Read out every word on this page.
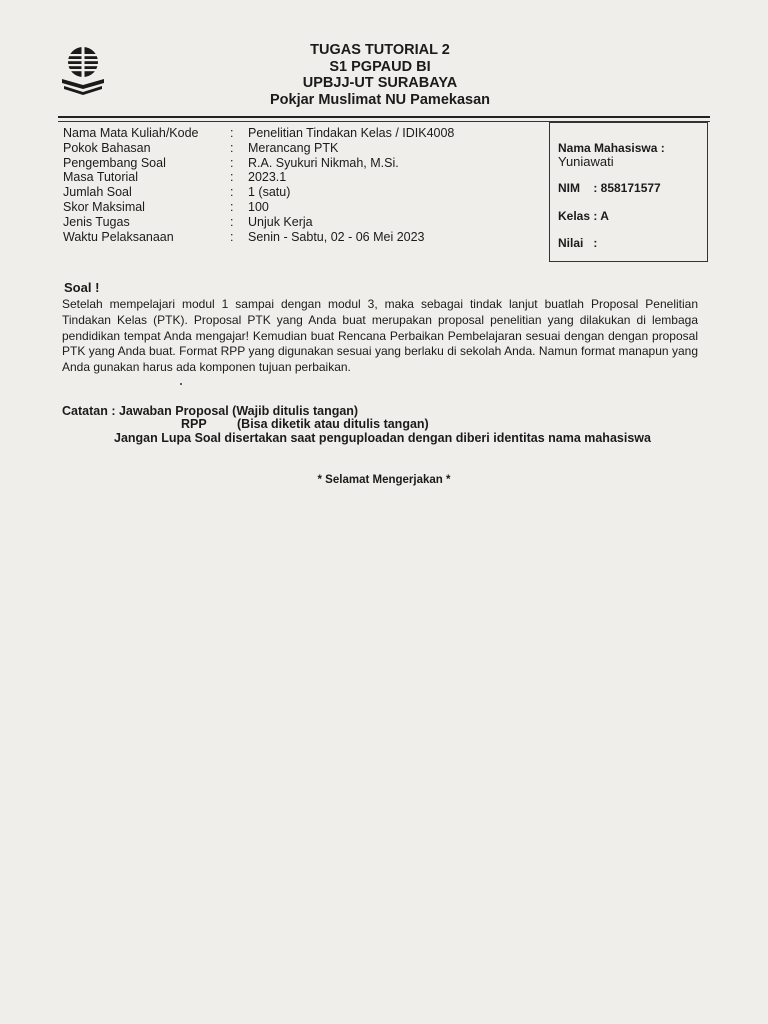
TUGAS TUTORIAL 2
S1 PGPAUD BI
UPBJJ-UT SURABAYA
Pokjar Muslimat NU Pamekasan
Nama Mata Kuliah/Kode	:	Penelitian Tindakan Kelas / IDIK4008
Pokok Bahasan	:	Merancang PTK
Pengembang Soal	:	R.A. Syukuri Nikmah, M.Si.
Masa Tutorial	:	2023.1
Jumlah Soal	:	1 (satu)
Skor Maksimal	:	100
Jenis Tugas	:	Unjuk Kerja
Waktu Pelaksanaan	:	Senin - Sabtu, 02 - 06 Mei 2023
Nama Mahasiswa :
Yuniawati
NIM    : 858171577
Kelas : A
Nilai   :
Soal !
Setelah mempelajari modul 1 sampai dengan modul 3, maka sebagai tindak lanjut buatlah Proposal Penelitian Tindakan Kelas (PTK). Proposal PTK yang Anda buat merupakan proposal penelitian yang dilakukan di lembaga pendidikan tempat Anda mengajar! Kemudian buat Rencana Perbaikan Pembelajaran sesuai dengan dengan proposal PTK yang Anda buat. Format RPP yang digunakan sesuai yang berlaku di sekolah Anda. Namun format manapun yang Anda gunakan harus ada komponen tujuan perbaikan.
Catatan : Jawaban Proposal (Wajib ditulis tangan)
RPP (Bisa diketik atau ditulis tangan)
Jangan Lupa Soal disertakan saat penguploadan dengan diberi identitas nama mahasiswa
* Selamat Mengerjakan *
